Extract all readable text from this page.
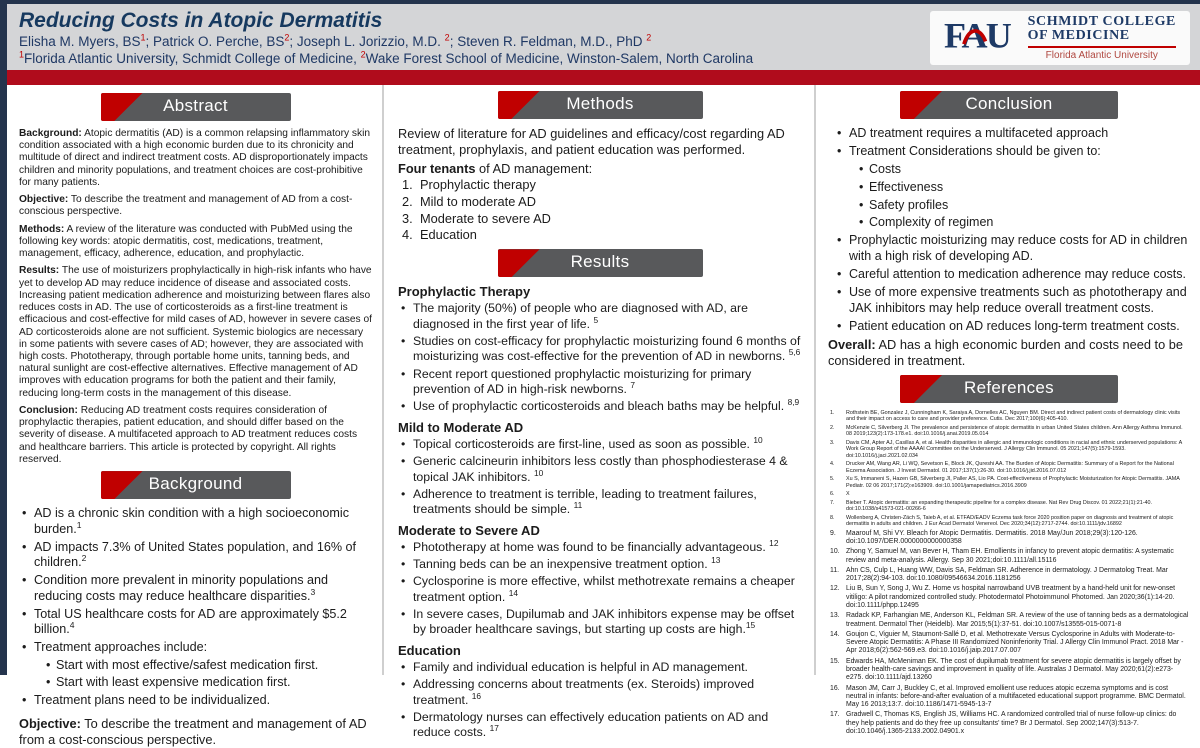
Reducing Costs in Atopic Dermatitis
Elisha M. Myers, $BS^1$; Patrick O. Perche, $BS^2$; Joseph L. Jorizzio, M.D. $^2$; Steven R. Feldman, M.D., PhD $^2$
$^1$Florida Atlantic University, Schmidt College of Medicine, $^2$Wake Forest School of Medicine, Winston-Salem, North Carolina
FAU SCHMIDT COLLEGE
OF MEDICINE
Florida Atlantic University
Abstract

Background: Atopic dermatitis (AD) is a common relapsing inflammatory skin condition associated with a high economic burden due to its chronicity and multitude of direct and indirect treatment costs. AD disproportionately impacts children and minority populations, and treatment choices are cost-prohibitive for many patients.

Objective: To describe the treatment and management of AD from a cost-conscious perspective.

Methods: A review of the literature was conducted with PubMed using the following key words: atopic dermatitis, cost, medications, treatment, management, efficacy, adherence, education, and prophylactic.

Results: The use of moisturizers prophylactically in high-risk infants who have yet to develop AD may reduce incidence of disease and associated costs. Increasing patient medication adherence and moisturizing between flares also reduces costs in AD. The use of corticosteroids as a first-line treatment is efficacious and cost-effective for mild cases of AD, however in severe cases of AD corticosteroids alone are not sufficient. Systemic biologics are necessary in some patients with severe cases of AD; however, they are associated with high costs. Phototherapy, through portable home units, tanning beds, and natural sunlight are cost-effective alternatives. Effective management of AD improves with education programs for both the patient and their family, reducing long-term costs in the management of this disease.

Conclusion: Reducing AD treatment costs requires consideration of prophylactic therapies, patient education, and should differ based on the severity of disease. A multifaceted approach to AD treatment reduces costs and healthcare barriers. This article is protected by copyright. All rights reserved.

Background
• AD is a chronic skin condition with a high socioeconomic burden.$^1$
• AD impacts 7.3% of United States population, and 16% of children.$^2$
• Condition more prevalent in minority populations and reducing costs may reduce healthcare disparities.$^3$
• Total US healthcare costs for AD are approximately $5.2 billion.$^4$
• Treatment approaches include:
• Start with most effective/safest medication first.
• Start with least expensive medication first.
• Treatment plans need to be individualized.
Objective: To describe the treatment and management of AD from a cost-conscious perspective.
Methods
Review of literature for AD guidelines and efficacy/cost regarding AD treatment, prophylaxis, and patient education was performed.
Four tenants of AD management:
1. Prophylactic therapy
2. Mild to moderate AD
3. Moderate to severe AD
4. Education
Results
Prophylactic Therapy
• The majority (50%) of people who are diagnosed with AD, are diagnosed in the first year of life. $^5$
• Studies on cost-efficacy for prophylactic moisturizing found 6 months of moisturizing was cost-effective for the prevention of AD in newborns. $^{5,6}$
• Recent report questioned prophylactic moisturizing for primary prevention of AD in high-risk newborns. $^7$
• Use of prophylactic corticosteroids and bleach baths may be helpful. $^{8,9}$
Mild to Moderate AD
• Topical corticosteroids are first-line, used as soon as possible. $^{10}$
• Generic calcineurin inhibitors less costly than phosphodiesterase 4 & topical JAK inhibitors. $^{10}$
• Adherence to treatment is terrible, leading to treatment failures, treatments should be simple. $^{11}$
Moderate to Severe AD
• Phototherapy at home was found to be financially advantageous. $^{12}$
• Tanning beds can be an inexpensive treatment option. $^{13}$
• Cyclosporine is more effective, whilst methotrexate remains a cheaper treatment option. $^{14}$
• In severe cases, Dupilumab and JAK inhibitors expense may be offset by broader healthcare savings, but starting up costs are high.$^{15}$
Education
• Family and individual education is helpful in AD management.
• Addressing concerns about treatments (ex. Steroids) improved treatment. $^{16}$
• Dermatology nurses can effectively education patients on AD and reduce costs. $^{17}$
Conclusion
• AD treatment requires a multifaceted approach
• Treatment Considerations should be given to:
• Costs
• Effectiveness
• Safety profiles
• Complexity of regimen
• Prophylactic moisturizing may reduce costs for AD in children with a high risk of developing AD.
• Careful attention to medication adherence may reduce costs.
• Use of more expensive treatments such as phototherapy and JAK inhibitors may help reduce overall treatment costs.
• Patient education on AD reduces long-term treatment costs.
Overall: AD has a high economic burden and costs need to be considered in treatment.
References
1.	Rothstein BE, Gonzalez J, Cunningham K, Saraiya A, Dornelles AC, Nguyen BM. Direct and indirect patient costs of dermatology clinic visits and their impact on access to care and provider preference. Cutis. Dec 2017;100(6):405-410.
2.	McKenzie C, Silverberg JI. The prevalence and persistence of atopic dermatitis in urban United States children. Ann Allergy Asthma Immunol. 08 2019;123(2):173-178.e1. doi:10.1016/j.anai.2019.05.014
3.	Davis CM, Apter AJ, Casillas A, et al. Health disparities in allergic and immunologic conditions in racial and ethnic underserved populations: A Work Group Report of the AAAAI Committee on the Underserved. J Allergy Clin Immunol. 05 2021;147(5):1579-1593. doi:10.1016/j.jaci.2021.02.034
4.	Drucker AM, Wang AR, Li WQ, Sevetson E, Block JK, Qureshi AA. The Burden of Atopic Dermatitis: Summary of a Report for the National Eczema Association. J Invest Dermatol. 01 2017;137(1):26-30. doi:10.1016/j.jid.2016.07.012
5.	Xu S, Immaneni S, Hazen GB, Silverberg JI, Paller AS, Lio PA. Cost-effectiveness of Prophylactic Moisturization for Atopic Dermatitis. JAMA Pediatr. 02 06 2017;171(2):e163909. doi:10.1001/jamapediatrics.2016.3909
6.	X
7.	Bieber T. Atopic dermatitis: an expanding therapeutic pipeline for a complex disease. Nat Rev Drug Discov. 01 2022;21(1):21-40. doi:10.1038/s41573-021-00266-6
8.	Wollenberg A, Christen-Zäch S, Taieb A, et al. ETFAD/EADV Eczema task force 2020 position paper on diagnosis and treatment of atopic dermatitis in adults and children. J Eur Acad Dermatol Venereol. Dec 2020;34(12):2717-2744. doi:10.1111/jdv.16892
9.	Maarouf M, Shi VY. Bleach for Atopic Dermatitis. Dermatitis. 2018 May/Jun 2018;29(3):120-126. doi:10.1097/DER.0000000000000358
10. Zhong Y, Samuel M, van Bever H, Tham EH. Emollients in infancy to prevent atopic dermatitis: A systematic review and meta-analysis. Allergy. Sep 30 2021;doi:10.1111/all.15116
11.	Ahn CS, Culp L, Huang WW, Davis SA, Feldman SR. Adherence in dermatology. J Dermatolog Treat. Mar 2017;28(2):94-103. doi:10.1080/09546634.2016.1181256
12. Liu B, Sun Y, Song J, Wu Z. Home vs hospital narrowband UVB treatment by a hand-held unit for new-onset vitiligo: A pilot randomized controlled study. Photodermatol Photoimmunol Photomed. Jan 2020;36(1):14-20. doi:10.1111/phpp.12495
13. Radack KP, Farhangian ME, Anderson KL, Feldman SR. A review of the use of tanning beds as a dermatological treatment. Dermatol Ther (Heidelb). Mar 2015;5(1):37-51. doi:10.1007/s13555-015-0071-8
14. Goujon C, Viguier M, Staumont-Sallé D, et al. Methotrexate Versus Cyclosporine in Adults with Moderate-to-Severe Atopic Dermatitis: A Phase III Randomized Noninferiority Trial. J Allergy Clin Immunol Pract. 2018 Mar - Apr 2018;6(2):562-569.e3. doi:10.1016/j.jaip.2017.07.007
15. Edwards HA, McMeniman EK. The cost of dupilumab treatment for severe atopic dermatitis is largely offset by broader health-care savings and improvement in quality of life. Australas J Dermatol. May 2020;61(2):e273-e275. doi:10.1111/ajd.13260
16. Mason JM, Carr J, Buckley C, et al. Improved emollient use reduces atopic eczema symptoms and is cost neutral in infants: before-and-after evaluation of a multifaceted educational support programme. BMC Dermatol. May 16 2013;13:7. doi:10.1186/1471-5945-13-7
17. Gradwell C, Thomas KS, English JS, Williams HC. A randomized controlled trial of nurse follow-up clinics: do they help patients and do they free up consultants' time? Br J Dermatol. Sep 2002;147(3):513-7. doi:10.1046/j.1365-2133.2002.04901.x
